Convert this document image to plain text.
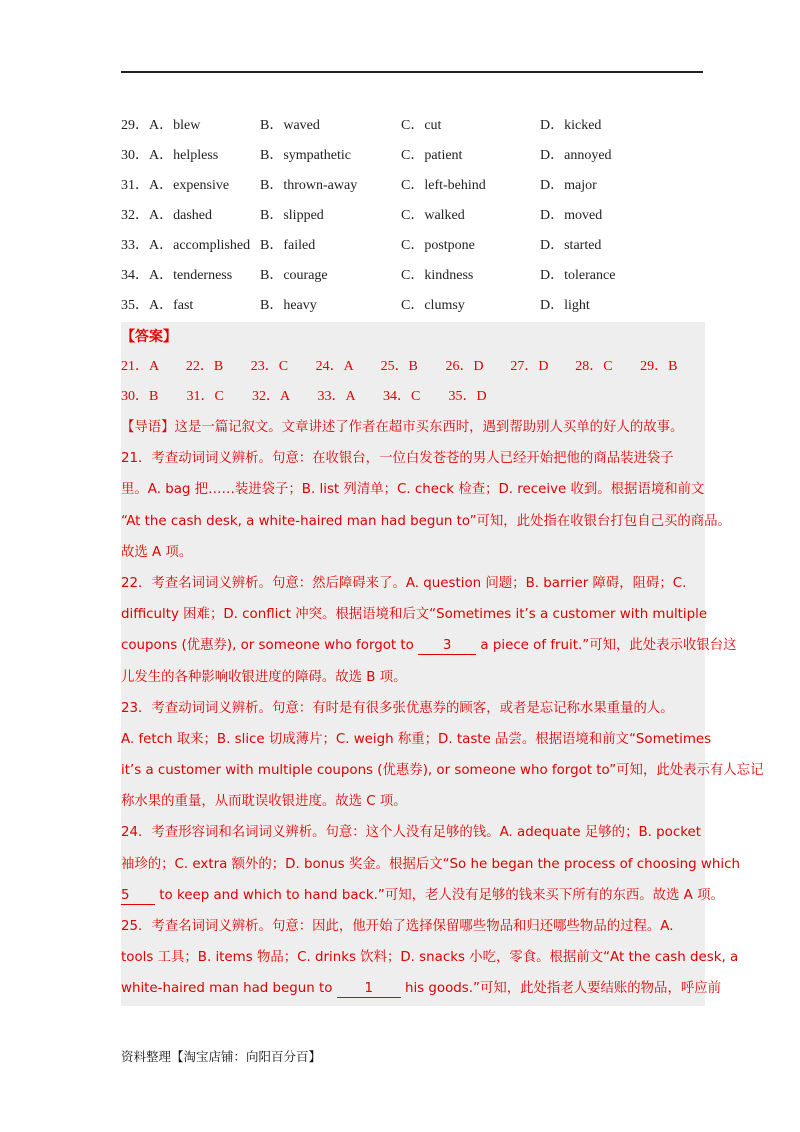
29．A．blew	B．waved	C．cut	D．kicked
30．A．helpless	B．sympathetic	C．patient	D．annoyed
31．A．expensive	B．thrown-away	C．left-behind	D．major
32．A．dashed	B．slipped	C．walked	D．moved
33．A．accomplished B．failed	C．postpone	D．started
34．A．tenderness	B．courage	C．kindness	D．tolerance
35．A．fast	B．heavy	C．clumsy	D．light
【答案】
21．A	22．B	23．C	24．A	25．B	26．D	27．D	28．C	29．B
30．B	31．C	32．A	33．A	34．C	35．D
【导语】这是一篇记叙文。文章讲述了作者在超市买东西时，遇到帮助别人买单的好人的故事。
21．考查动词词义辨析。句意：在收银台，一位白发苍苍的男人已经开始把他的商品装进袋子
里。A. bag 把……装进袋子；B. list 列清单；C. check 检查；D. receive 收到。根据语境和前文
“At the cash desk, a white-haired man had begun to”可知，此处指在收银台打包自己买的商品。
故选 A 项。
22．考查名词词义辨析。句意：然后障碍来了。A. question 问题；B. barrier 障碍，阻碍；C.
difficulty 困难；D. conflict 冲突。根据语境和后文“Sometimes it’s a customer with multiple
coupons (优惠券), or someone who forgot to 3 a piece of fruit.”可知，此处表示收银台这
儿发生的各种影响收银进度的障碍。故选 B 项。
23．考查动词词义辨析。句意：有时是有很多张优惠券的顾客，或者是忘记称水果重量的人。
A. fetch 取来；B. slice 切成薄片；C. weigh 称重；D. taste 品尝。根据语境和前文“Sometimes
it’s a customer with multiple coupons (优惠券), or someone who forgot to”可知，此处表示有人忘记
称水果的重量，从而耽误收银进度。故选 C 项。
24．考查形容词和名词词义辨析。句意：这个人没有足够的钱。A. adequate 足够的；B. pocket
袖珍的；C. extra 额外的；D. bonus 奖金。根据后文“So he began the process of choosing which
5 to keep and which to hand back.”可知，老人没有足够的钱来买下所有的东西。故选 A 项。
25．考查名词词义辨析。句意：因此，他开始了选择保留哪些物品和归还哪些物品的过程。A.
tools 工具；B. items 物品；C. drinks 饮料；D. snacks 小吃，零食。根据前文“At the cash desk, a
white-haired man had begun to 1 his goods.”可知，此处指老人要结账的物品，呼应前
资料整理【淘宝店铺：向阳百分百】
